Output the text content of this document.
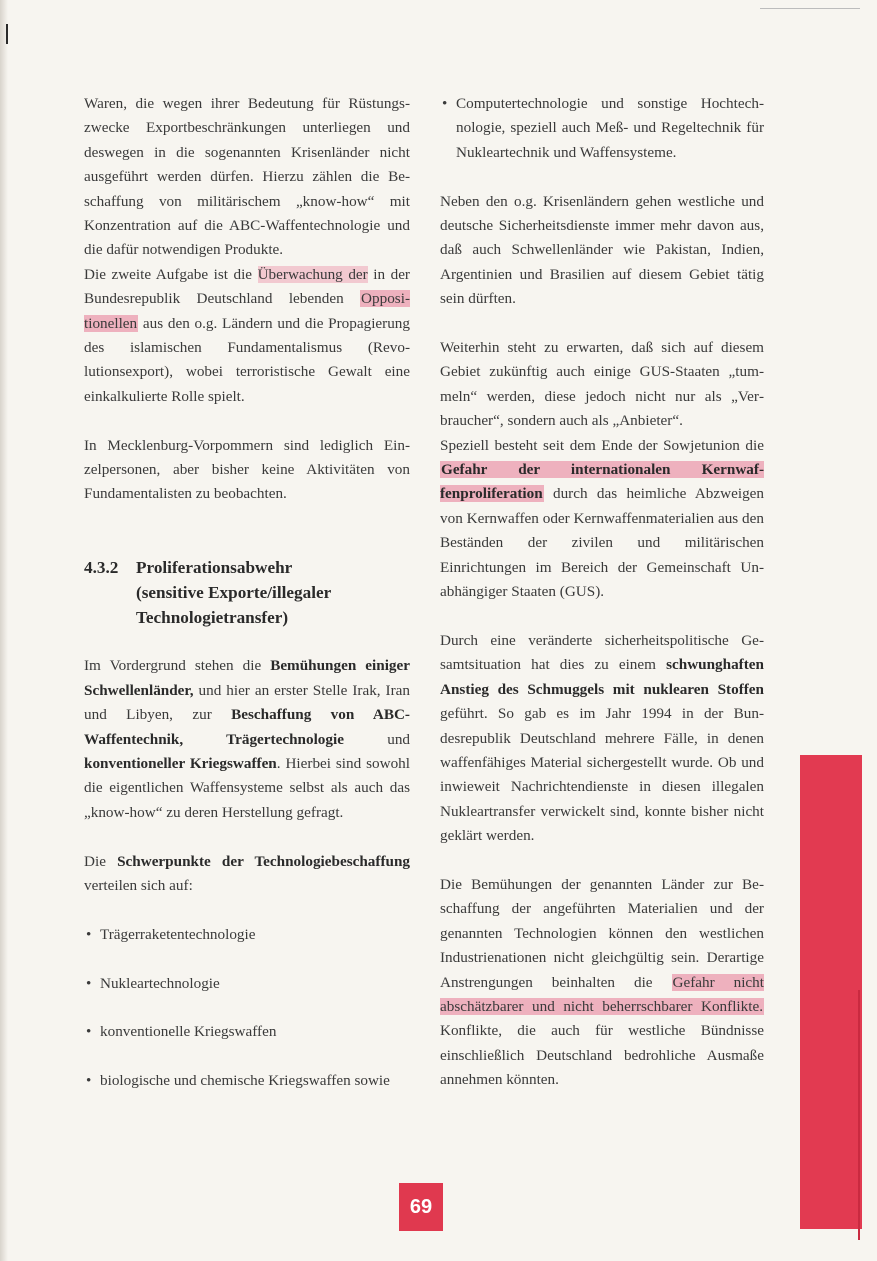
Waren, die wegen ihrer Bedeutung für Rüstungszwecke Exportbeschränkungen unterliegen und deswegen in die sogenannten Krisenländer nicht ausgeführt werden dürfen. Hierzu zählen die Beschaffung von militärischem „know-how“ mit Konzentration auf die ABC-Waffentechnologie und die dafür notwendigen Produkte.

Die zweite Aufgabe ist die Überwachung der in der Bundesrepublik Deutschland lebenden Oppositionellen aus den o.g. Ländern und die Propagierung des islamischen Fundamentalismus (Revolutionsexport), wobei terroristische Gewalt eine einkalkulierte Rolle spielt.

In Mecklenburg-Vorpommern sind lediglich Einzelpersonen, aber bisher keine Aktivitäten von Fundamentalisten zu beobachten.

4.3.2 Proliferationsabwehr
(sensitive Exporte/illegaler
Technologietransfer)

Im Vordergrund stehen die Bemühungen einiger Schwellenländer, und hier an erster Stelle Irak, Iran und Libyen, zur Beschaffung von ABC-Waffentechnik, Trägertechnologie und konventioneller Kriegswaffen. Hierbei sind sowohl die eigentlichen Waffensysteme selbst als auch das „know-how“ zu deren Herstellung gefragt.

Die Schwerpunkte der Technologiebeschaffung verteilen sich auf:

• Trägerraketentechnologie
• Nukleartechnologie
• konventionelle Kriegswaffen
• biologische und chemische Kriegswaffen sowie
• Computertechnologie und sonstige Hochtechnologie, speziell auch Meß- und Regeltechnik für Nukleartechnik und Waffensysteme.

Neben den o.g. Krisenländern gehen westliche und deutsche Sicherheitsdienste immer mehr davon aus, daß auch Schwellenländer wie Pakistan, Indien, Argentinien und Brasilien auf diesem Gebiet tätig sein dürften.

Weiterhin steht zu erwarten, daß sich auf diesem Gebiet zukünftig auch einige GUS-Staaten „tummeln“ werden, diese jedoch nicht nur als „Verbraucher“, sondern auch als „Anbieter“.

Speziell besteht seit dem Ende der Sowjetunion die Gefahr der internationalen Kernwaffenproliferation durch das heimliche Abzweigen von Kernwaffen oder Kernwaffenmaterialien aus den Beständen der zivilen und militärischen Einrichtungen im Bereich der Gemeinschaft Unabhängiger Staaten (GUS).

Durch eine veränderte sicherheitspolitische Gesamtsituation hat dies zu einem schwunghaften Anstieg des Schmuggels mit nuklearen Stoffen geführt. So gab es im Jahr 1994 in der Bundesrepublik Deutschland mehrere Fälle, in denen waffenfähiges Material sichergestellt wurde. Ob und inwieweit Nachrichtendienste in diesen illegalen Nukleartransfer verwickelt sind, konnte bisher nicht geklärt werden.

Die Bemühungen der genannten Länder zur Beschaffung der angeführten Materialien und der genannten Technologien können den westlichen Industrienationen nicht gleichgültig sein. Derartige Anstrengungen beinhalten die Gefahr nicht abschätzbarer und nicht beherrschbarer Konflikte. Konflikte, die auch für westliche Bündnisse einschließlich Deutschland bedrohliche Ausmaße annehmen könnten.

69
